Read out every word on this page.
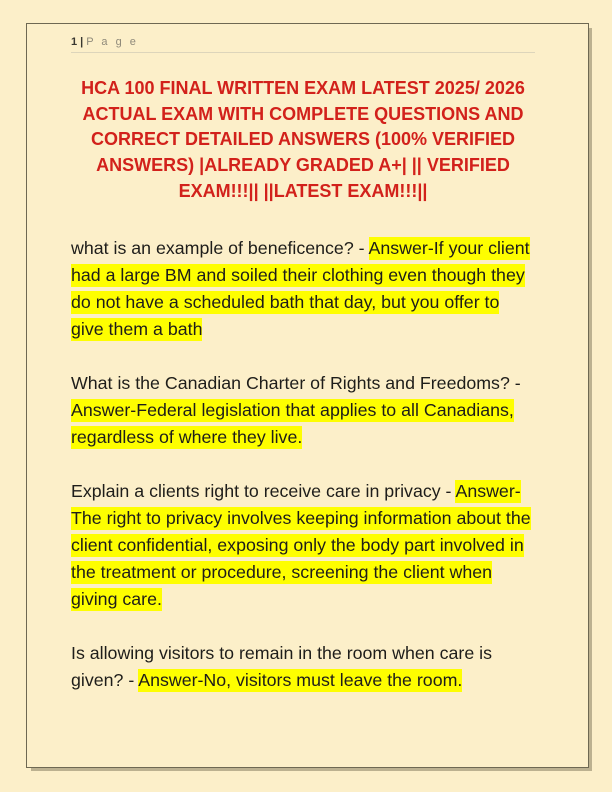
1 | P a g e
HCA 100 FINAL WRITTEN EXAM LATEST 2025/ 2026 ACTUAL EXAM WITH COMPLETE QUESTIONS AND CORRECT DETAILED ANSWERS (100% VERIFIED ANSWERS) |ALREADY GRADED A+| || VERIFIED EXAM!!!|| ||LATEST EXAM!!!||

what is an example of beneficence? - Answer-If your client had a large BM and soiled their clothing even though they do not have a scheduled bath that day, but you offer to give them a bath

What is the Canadian Charter of Rights and Freedoms? - Answer-Federal legislation that applies to all Canadians, regardless of where they live.

Explain a clients right to receive care in privacy - Answer-The right to privacy involves keeping information about the client confidential, exposing only the body part involved in the treatment or procedure, screening the client when giving care.

Is allowing visitors to remain in the room when care is given? - Answer-No, visitors must leave the room.
